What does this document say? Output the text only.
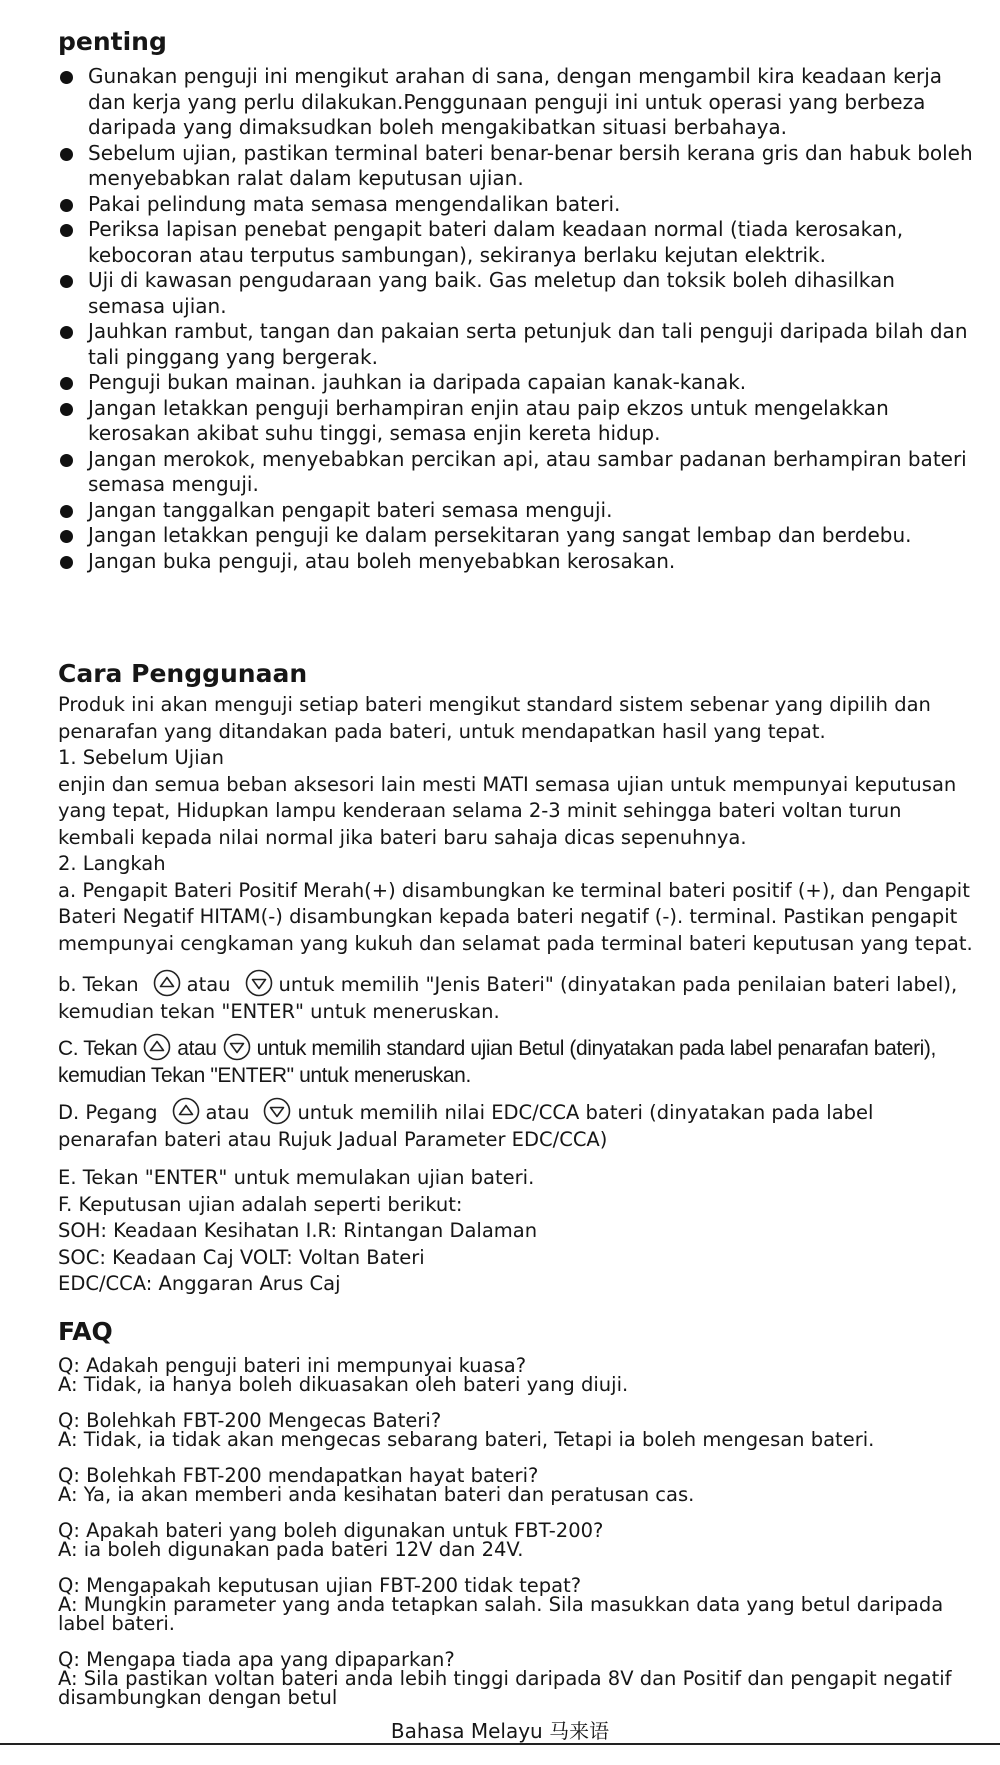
penting
Gunakan penguji ini mengikut arahan di sana, dengan mengambil kira keadaan kerja dan kerja yang perlu dilakukan.Penggunaan penguji ini untuk operasi yang berbeza daripada yang dimaksudkan boleh mengakibatkan situasi berbahaya.
Sebelum ujian, pastikan terminal bateri benar-benar bersih kerana gris dan habuk boleh menyebabkan ralat dalam keputusan ujian.
Pakai pelindung mata semasa mengendalikan bateri.
Periksa lapisan penebat pengapit bateri dalam keadaan normal (tiada kerosakan, kebocoran atau terputus sambungan), sekiranya berlaku kejutan elektrik.
Uji di kawasan pengudaraan yang baik. Gas meletup dan toksik boleh dihasilkan semasa ujian.
Jauhkan rambut, tangan dan pakaian serta petunjuk dan tali penguji daripada bilah dan tali pinggang yang bergerak.
Penguji bukan mainan. jauhkan ia daripada capaian kanak-kanak.
Jangan letakkan penguji berhampiran enjin atau paip ekzos untuk mengelakkan kerosakan akibat suhu tinggi, semasa enjin kereta hidup.
Jangan merokok, menyebabkan percikan api, atau sambar padanan berhampiran bateri semasa menguji.
Jangan tanggalkan pengapit bateri semasa menguji.
Jangan letakkan penguji ke dalam persekitaran yang sangat lembap dan berdebu.
Jangan buka penguji, atau boleh menyebabkan kerosakan.
Cara Penggunaan

Produk ini akan menguji setiap bateri mengikut standard sistem sebenar yang dipilih dan penarafan yang ditandakan pada bateri, untuk mendapatkan hasil yang tepat.

1. Sebelum Ujian

enjin dan semua beban aksesori lain mesti MATI semasa ujian untuk mempunyai keputusan yang tepat, Hidupkan lampu kenderaan selama 2-3 minit sehingga bateri voltan turun kembali kepada nilai normal jika bateri baru sahaja dicas sepenuhnya.

2. Langkah

a. Pengapit Bateri Positif Merah(+) disambungkan ke terminal bateri positif (+), dan Pengapit Bateri Negatif HITAM(-) disambungkan kepada bateri negatif (-). terminal. Pastikan pengapit mempunyai cengkaman yang kukuh dan selamat pada terminal bateri keputusan yang tepat.

b. Tekan atau untuk memilih "Jenis Bateri" (dinyatakan pada penilaian bateri label), kemudian tekan "ENTER" untuk meneruskan.

C. Tekan atau untuk memilih standard ujian Betul (dinyatakan pada label penarafan bateri), kemudian Tekan "ENTER" untuk meneruskan.

D. Pegang atau untuk memilih nilai EDC/CCA bateri (dinyatakan pada label penarafan bateri atau Rujuk Jadual Parameter EDC/CCA)

E. Tekan "ENTER" untuk memulakan ujian bateri.

F. Keputusan ujian adalah seperti berikut:

SOH: Keadaan Kesihatan I.R: Rintangan Dalaman

SOC: Keadaan Caj VOLT: Voltan Bateri

EDC/CCA: Anggaran Arus Caj

FAQ

Q: Adakah penguji bateri ini mempunyai kuasa?

A: Tidak, ia hanya boleh dikuasakan oleh bateri yang diuji.

Q: Bolehkah FBT-200 Mengecas Bateri?

A: Tidak, ia tidak akan mengecas sebarang bateri, Tetapi ia boleh mengesan bateri.

Q: Bolehkah FBT-200 mendapatkan hayat bateri?

A: Ya, ia akan memberi anda kesihatan bateri dan peratusan cas.

Q: Apakah bateri yang boleh digunakan untuk FBT-200?

A: ia boleh digunakan pada bateri 12V dan 24V.

Q: Mengapakah keputusan ujian FBT-200 tidak tepat?

A: Mungkin parameter yang anda tetapkan salah. Sila masukkan data yang betul daripada label bateri.

Q: Mengapa tiada apa yang dipaparkan?

A: Sila pastikan voltan bateri anda lebih tinggi daripada 8V dan Positif dan pengapit negatif disambungkan dengan betul

Bahasa Melayu 马来语
